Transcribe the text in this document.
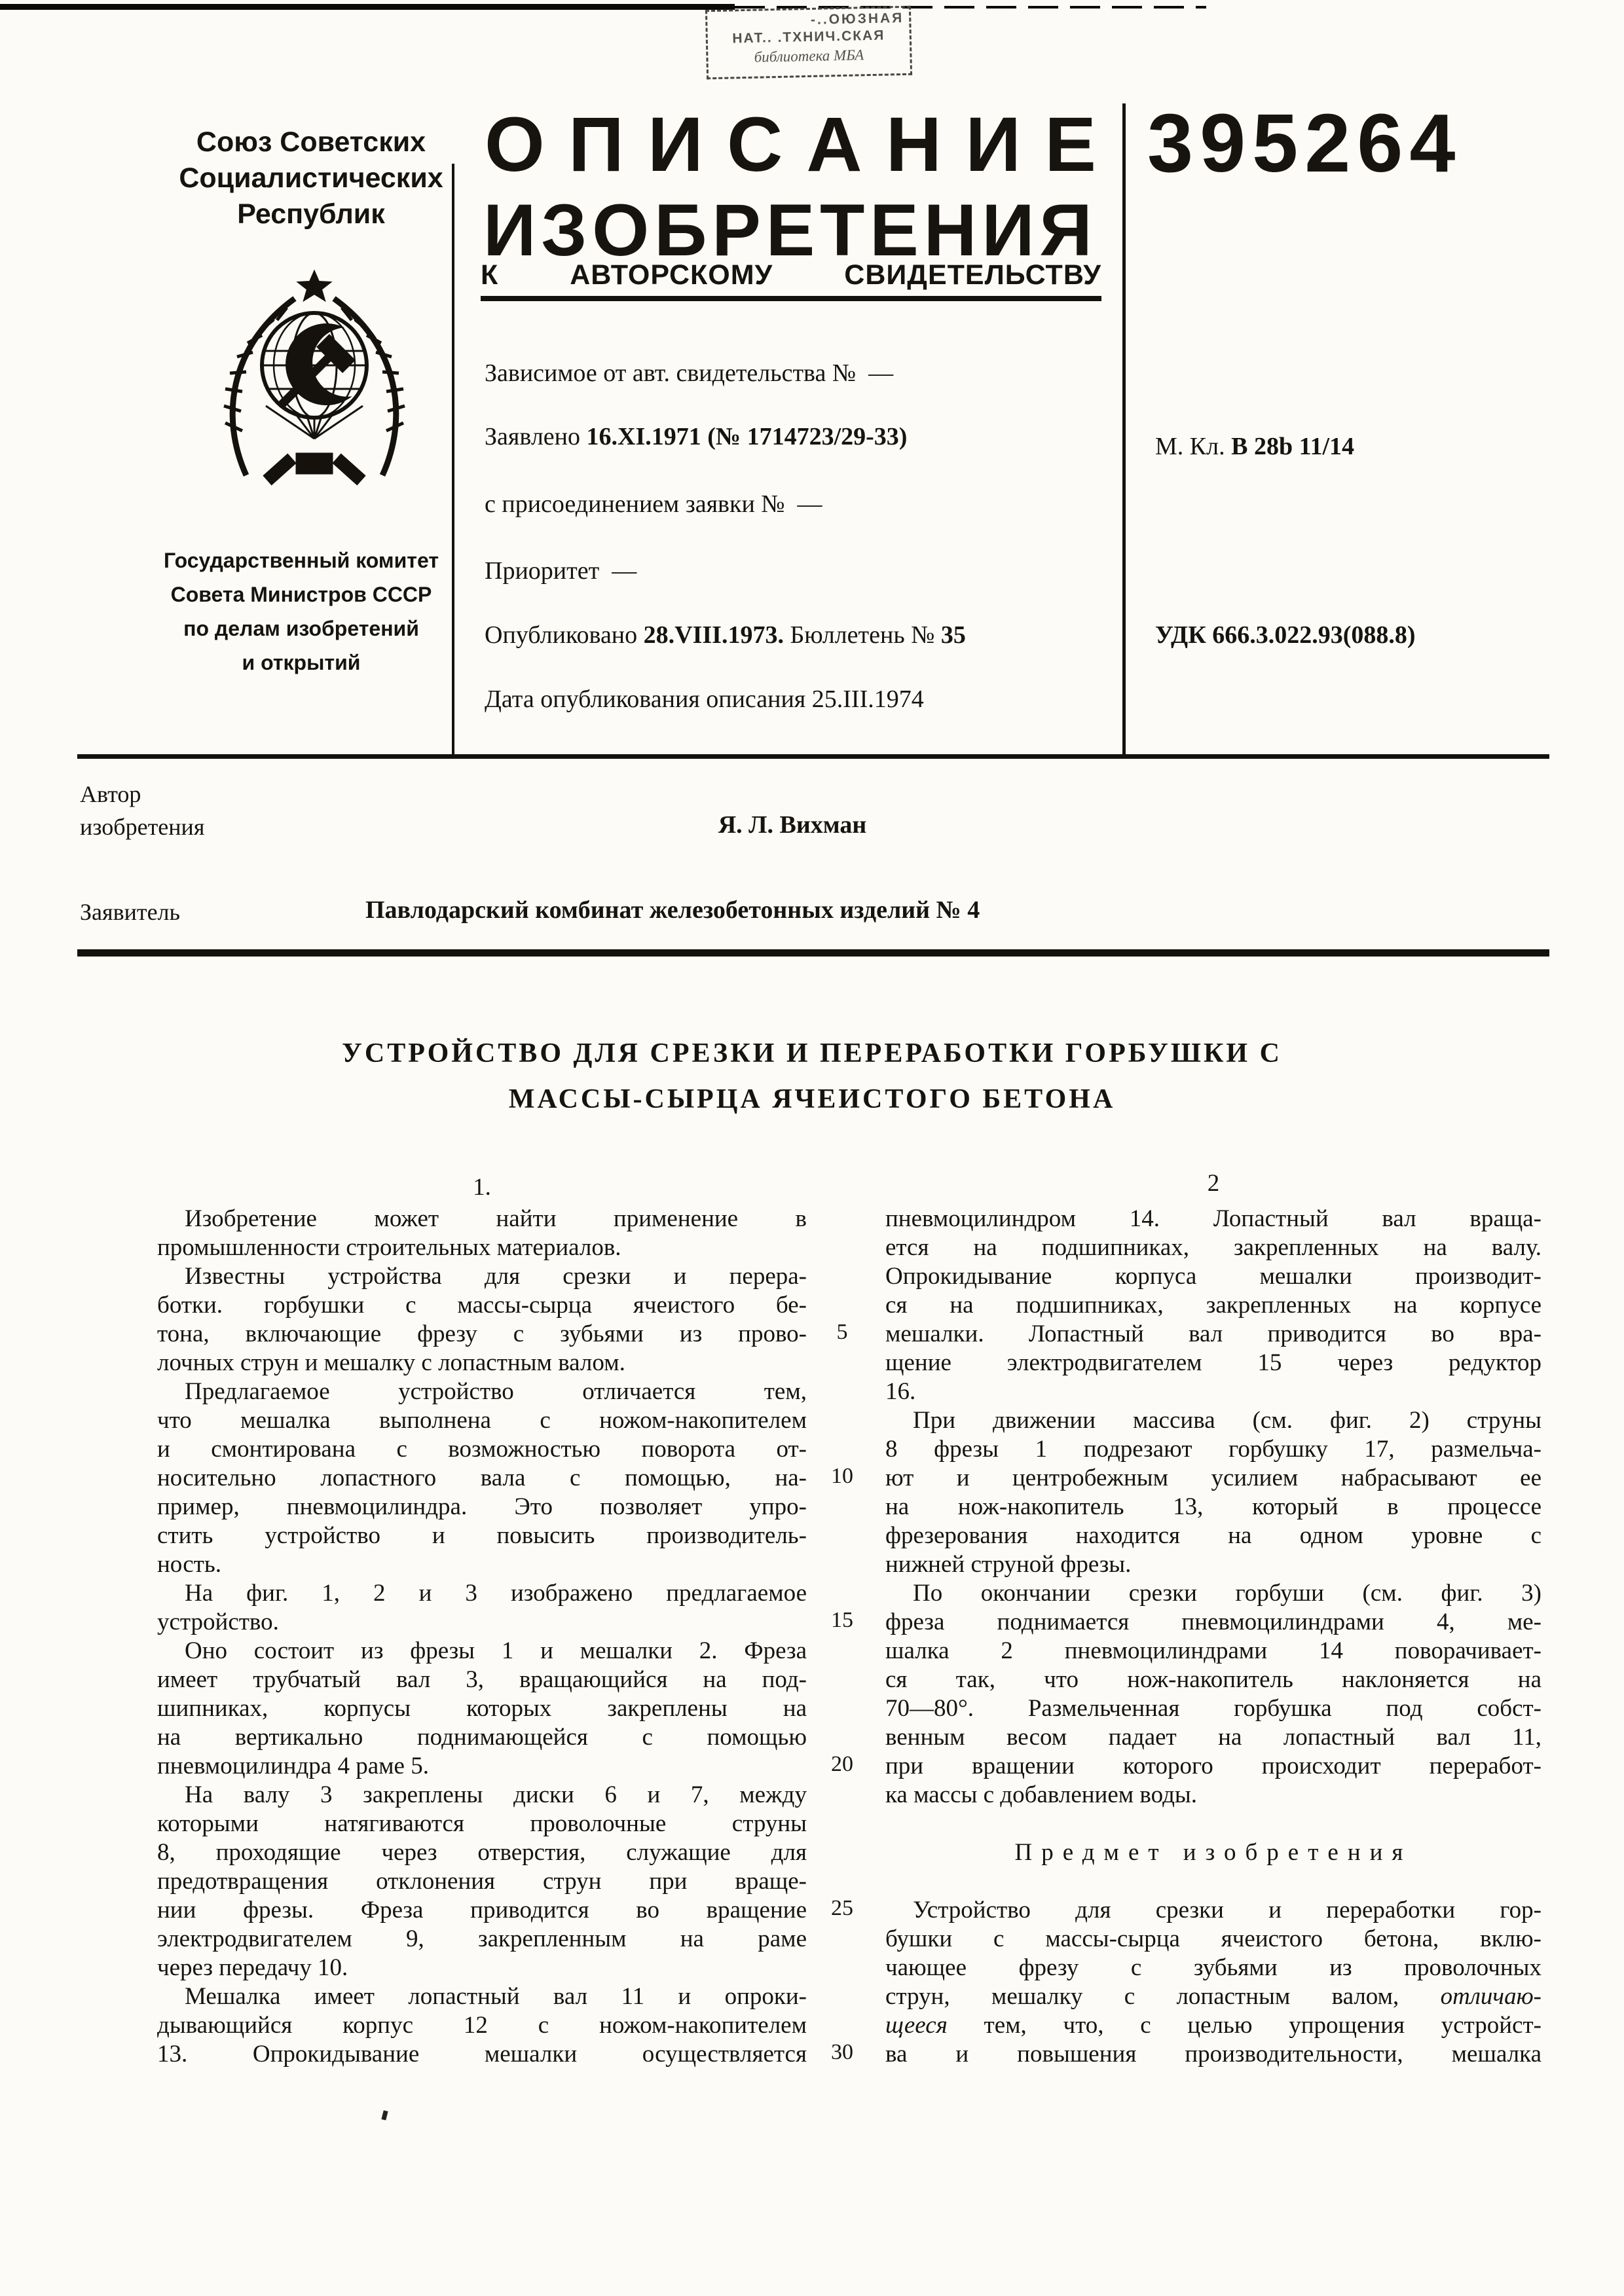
-..ОЮЗНАЯ
НАТ.. .ТХНИЧ.СКАЯ
библиотека МБА
Союз Советских
Социалистических
Республик
Государственный комитет
Совета Министров СССР
по делам изобретений
и открытий
О П И С А Н И Е
И З О Б Р Е Т Е Н И Я
К АВТОРСКОМУ СВИДЕТЕЛЬСТВУ
395264
Зависимое от авт. свидетельства №  —
Заявлено 16.XI.1971 (№ 1714723/29-33)	М. Кл. В 28b 11/14
с присоединением заявки №  —
Приоритет  —
Опубликовано 28.VIII.1973. Бюллетень № 35	УДК 666.3.022.93(088.8)
Дата опубликования описания 25.III.1974
Автор
изобретения	Я. Л. Вихман
Заявитель	Павлодарский комбинат железобетонных изделий № 4
УСТРОЙСТВО ДЛЯ СРЕЗКИ И ПЕРЕРАБОТКИ ГОРБУШКИ С
МАССЫ-СЫРЦА ЯЧЕИСТОГО БЕТОНА
1.	2
Изобретение может найти применение в
промышленности строительных материалов.
Известны устройства для срезки и перера-
ботки. горбушки с массы-сырца ячеистого бе-
тона, включающие фрезу с зубьями из прово-
лочных струн и мешалку с лопастным валом.
Предлагаемое устройство отличается тем,
что мешалка выполнена с ножом-накопителем
и смонтирована с возможностью поворота от-
носительно лопастного вала с помощью, на-
пример, пневмоцилиндра. Это позволяет упро-
стить устройство и повысить производитель-
ность.
На фиг. 1, 2 и 3 изображено предлагаемое
устройство.
Оно состоит из фрезы 1 и мешалки 2. Фреза
имеет трубчатый вал 3, вращающийся на под-
шипниках, корпусы которых закреплены на
на вертикально поднимающейся с помощью
пневмоцилиндра 4 раме 5.
На валу 3 закреплены диски 6 и 7, между
которыми натягиваются проволочные струны
8, проходящие через отверстия, служащие для
предотвращения отклонения струн при враще-
нии фрезы. Фреза приводится во вращение
электродвигателем 9, закрепленным на раме
через передачу 10.
Мешалка имеет лопастный вал 11 и опроки-
дывающийся корпус 12 с ножом-накопителем
13. Опрокидывание мешалки осуществляется
5
10
15
20
25
30
пневмоцилиндром 14. Лопастный вал враща-
ется на подшипниках, закрепленных на валу.
Опрокидывание корпуса мешалки производит-
ся на подшипниках, закрепленных на корпусе
мешалки. Лопастный вал приводится во вра-
щение электродвигателем 15 через редуктор
16.
При движении массива (см. фиг. 2) струны
8 фрезы 1 подрезают горбушку 17, размельча-
ют и центробежным усилием набрасывают ее
на нож-накопитель 13, который в процессе
фрезерования находится на одном уровне с
нижней струной фрезы.
По окончании срезки горбуши (см. фиг. 3)
фреза поднимается пневмоцилиндрами 4, ме-
шалка 2 пневмоцилиндрами 14 поворачивает-
ся так, что нож-накопитель наклоняется на
70—80°. Размельченная горбушка под собст-
венным весом падает на лопастный вал 11,
при вращении которого происходит переработ-
ка массы с добавлением воды.

Предмет изобретения

Устройство для срезки и переработки гор-
бушки с массы-сырца ячеистого бетона, вклю-
чающее фрезу с зубьями из проволочных
струн, мешалку с лопастным валом, отличаю-
щееся тем, что, с целью упрощения устройст-
ва и повышения производительности, мешалка
